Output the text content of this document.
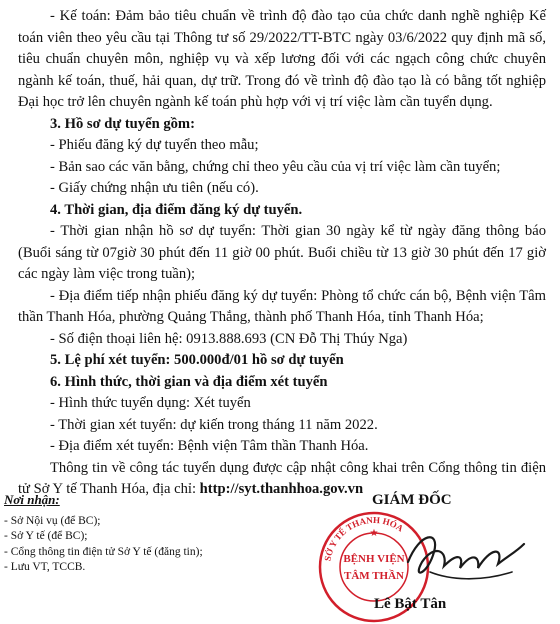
- Kế toán: Đảm bảo tiêu chuẩn về trình độ đào tạo của chức danh nghề nghiệp Kế toán viên theo yêu cầu tại Thông tư số 29/2022/TT-BTC ngày 03/6/2022 quy định mã số, tiêu chuẩn chuyên môn, nghiệp vụ và xếp lương đối với các ngạch công chức chuyên ngành kế toán, thuế, hải quan, dự trữ. Trong đó về trình độ đào tạo là có bằng tốt nghiệp Đại học trở lên chuyên ngành kế toán phù hợp với vị trí việc làm cần tuyển dụng.

3. Hồ sơ dự tuyển gồm:

- Phiếu đăng ký dự tuyển theo mẫu;

- Bản sao các văn bằng, chứng chỉ theo yêu cầu của vị trí việc làm cần tuyển;

- Giấy chứng nhận ưu tiên (nếu có).

4. Thời gian, địa điểm đăng ký dự tuyển.

- Thời gian nhận hồ sơ dự tuyển: Thời gian 30 ngày kể từ ngày đăng thông báo (Buổi sáng từ 07giờ 30 phút đến 11 giờ 00 phút. Buổi chiều từ 13 giờ 30 phút đến 17 giờ các ngày làm việc trong tuần);

- Địa điểm tiếp nhận phiếu đăng ký dự tuyển: Phòng tổ chức cán bộ, Bệnh viện Tâm thần Thanh Hóa, phường Quảng Thắng, thành phố Thanh Hóa, tỉnh Thanh Hóa;

- Số điện thoại liên hệ: 0913.888.693 (CN Đỗ Thị Thúy Nga)

5. Lệ phí xét tuyển: 500.000đ/01 hồ sơ dự tuyển

6. Hình thức, thời gian và địa điểm xét tuyển

- Hình thức tuyển dụng: Xét tuyển

- Thời gian xét tuyển: dự kiến trong tháng 11 năm 2022.

- Địa điểm xét tuyển: Bệnh viện Tâm thần Thanh Hóa.

Thông tin về công tác tuyển dụng được cập nhật công khai trên Cổng thông tin điện tử Sở Y tế Thanh Hóa, địa chỉ: http://syt.thanhhoa.gov.vn

Nơi nhận:
- Sở Nội vụ (để BC);
- Sở Y tế (để BC);
- Cổng thông tin điện tử Sở Y tế (đăng tin);
- Lưu VT, TCCB.
GIÁM ĐỐC
SỞ Y TẾ THANH HÓA
BỆNH VIỆN
TÂM THẦN
★
Lê Bật Tân
